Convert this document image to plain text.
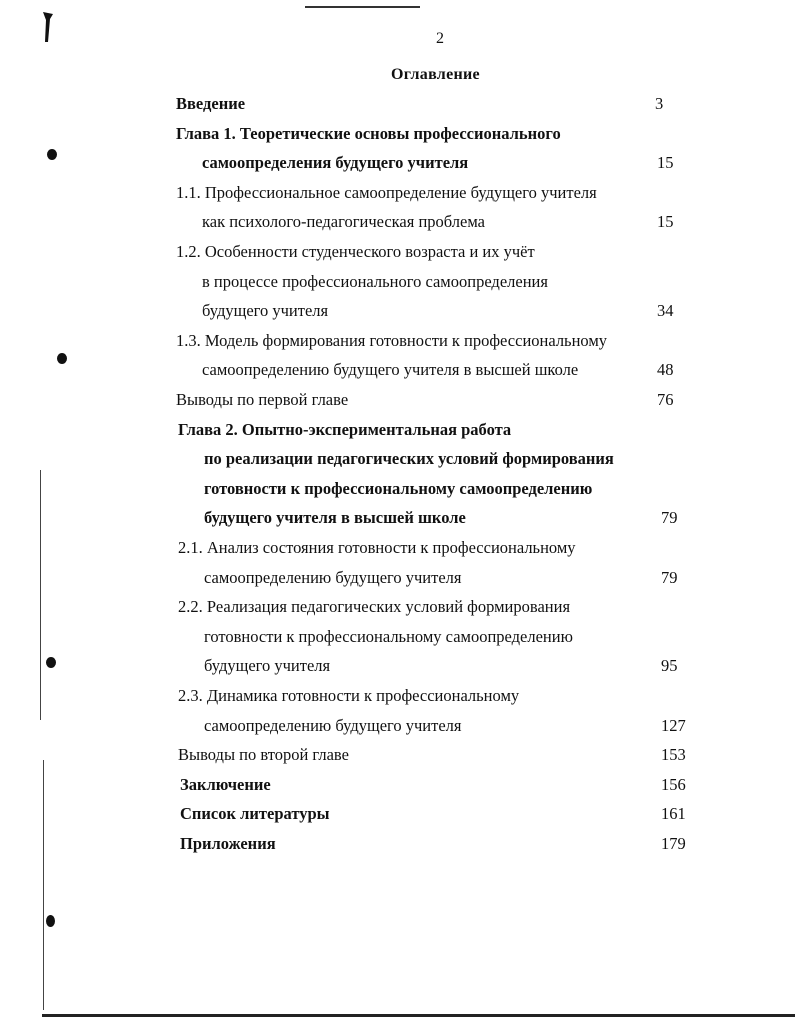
2
Оглавление
Введение	3
Глава 1. Теоретические основы профессионального
самоопределения будущего учителя	15
1.1. Профессиональное самоопределение будущего учителя
как психолого-педагогическая проблема	15
1.2. Особенности студенческого возраста и их учёт
в процессе профессионального самоопределения
будущего учителя	34
1.3. Модель формирования готовности к профессиональному
самоопределению будущего учителя в высшей школе	48
Выводы по первой главе	76
Глава 2. Опытно-экспериментальная работа
по реализации педагогических условий формирования
готовности к профессиональному самоопределению
будущего учителя в высшей школе	79
2.1. Анализ состояния готовности к профессиональному
самоопределению будущего учителя	79
2.2. Реализация педагогических условий формирования
готовности к профессиональному самоопределению
будущего учителя	95
2.3. Динамика готовности к профессиональному
самоопределению будущего учителя	127
Выводы по второй главе	153
Заключение	156
Список литературы	161
Приложения	179
